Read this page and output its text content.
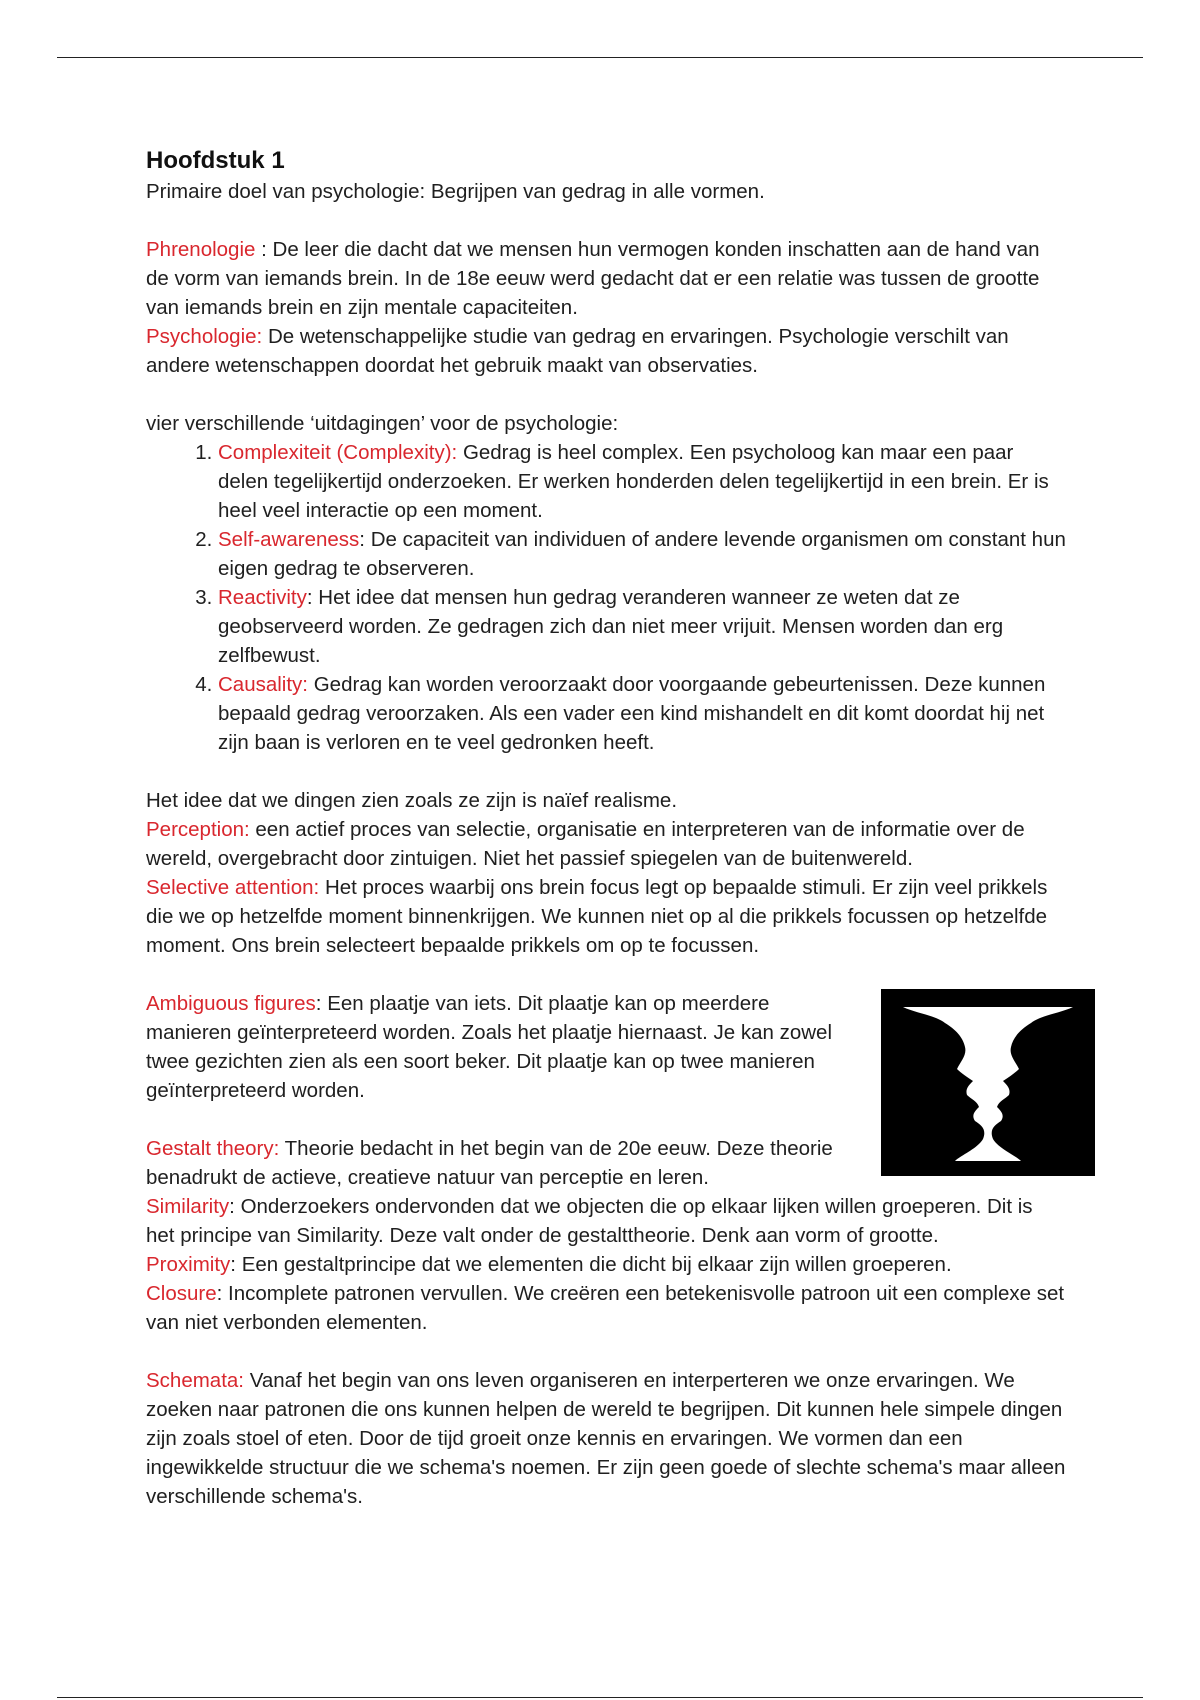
Hoofdstuk 1

Primaire doel van psychologie: Begrijpen van gedrag in alle vormen.

Phrenologie : De leer die dacht dat we mensen hun vermogen konden inschatten aan de hand van de vorm van iemands brein. In de 18e eeuw werd gedacht dat er een relatie was tussen de grootte van iemands brein en zijn mentale capaciteiten.

Psychologie: De wetenschappelijke studie van gedrag en ervaringen. Psychologie verschilt van andere wetenschappen doordat het gebruik maakt van observaties.

vier verschillende ‘uitdagingen’ voor de psychologie:

1. Complexiteit (Complexity): Gedrag is heel complex. Een psycholoog kan maar een paar delen tegelijkertijd onderzoeken. Er werken honderden delen tegelijkertijd in een brein. Er is heel veel interactie op een moment.
2. Self-awareness: De capaciteit van individuen of andere levende organismen om constant hun eigen gedrag te observeren.
3. Reactivity: Het idee dat mensen hun gedrag veranderen wanneer ze weten dat ze geobserveerd worden. Ze gedragen zich dan niet meer vrijuit. Mensen worden dan erg zelfbewust.
4. Causality: Gedrag kan worden veroorzaakt door voorgaande gebeurtenissen. Deze kunnen bepaald gedrag veroorzaken. Als een vader een kind mishandelt en dit komt doordat hij net zijn baan is verloren en te veel gedronken heeft.

Het idee dat we dingen zien zoals ze zijn is naïef realisme.

Perception: een actief proces van selectie, organisatie en interpreteren van de informatie over de wereld, overgebracht door zintuigen. Niet het passief spiegelen van de buitenwereld.

Selective attention: Het proces waarbij ons brein focus legt op bepaalde stimuli. Er zijn veel prikkels die we op hetzelfde moment binnenkrijgen. We kunnen niet op al die prikkels focussen op hetzelfde moment. Ons brein selecteert bepaalde prikkels om op te focussen.

Ambiguous figures: Een plaatje van iets. Dit plaatje kan op meerdere manieren geïnterpreteerd worden. Zoals het plaatje hiernaast. Je kan zowel twee gezichten zien als een soort beker. Dit plaatje kan op twee manieren geïnterpreteerd worden.

Gestalt theory: Theorie bedacht in het begin van de 20e eeuw. Deze theorie benadrukt de actieve, creatieve natuur van perceptie en leren.

Similarity: Onderzoekers ondervonden dat we objecten die op elkaar lijken willen groeperen. Dit is het principe van Similarity. Deze valt onder de gestalttheorie. Denk aan vorm of grootte.

Proximity: Een gestaltprincipe dat we elementen die dicht bij elkaar zijn willen groeperen.

Closure: Incomplete patronen vervullen. We creëren een betekenisvolle patroon uit een complexe set van niet verbonden elementen.

Schemata: Vanaf het begin van ons leven organiseren en interperteren we onze ervaringen. We zoeken naar patronen die ons kunnen helpen de wereld te begrijpen. Dit kunnen hele simpele dingen zijn zoals stoel of eten. Door de tijd groeit onze kennis en ervaringen. We vormen dan een ingewikkelde structuur die we schema's noemen. Er zijn geen goede of slechte schema's maar alleen verschillende schema's.
